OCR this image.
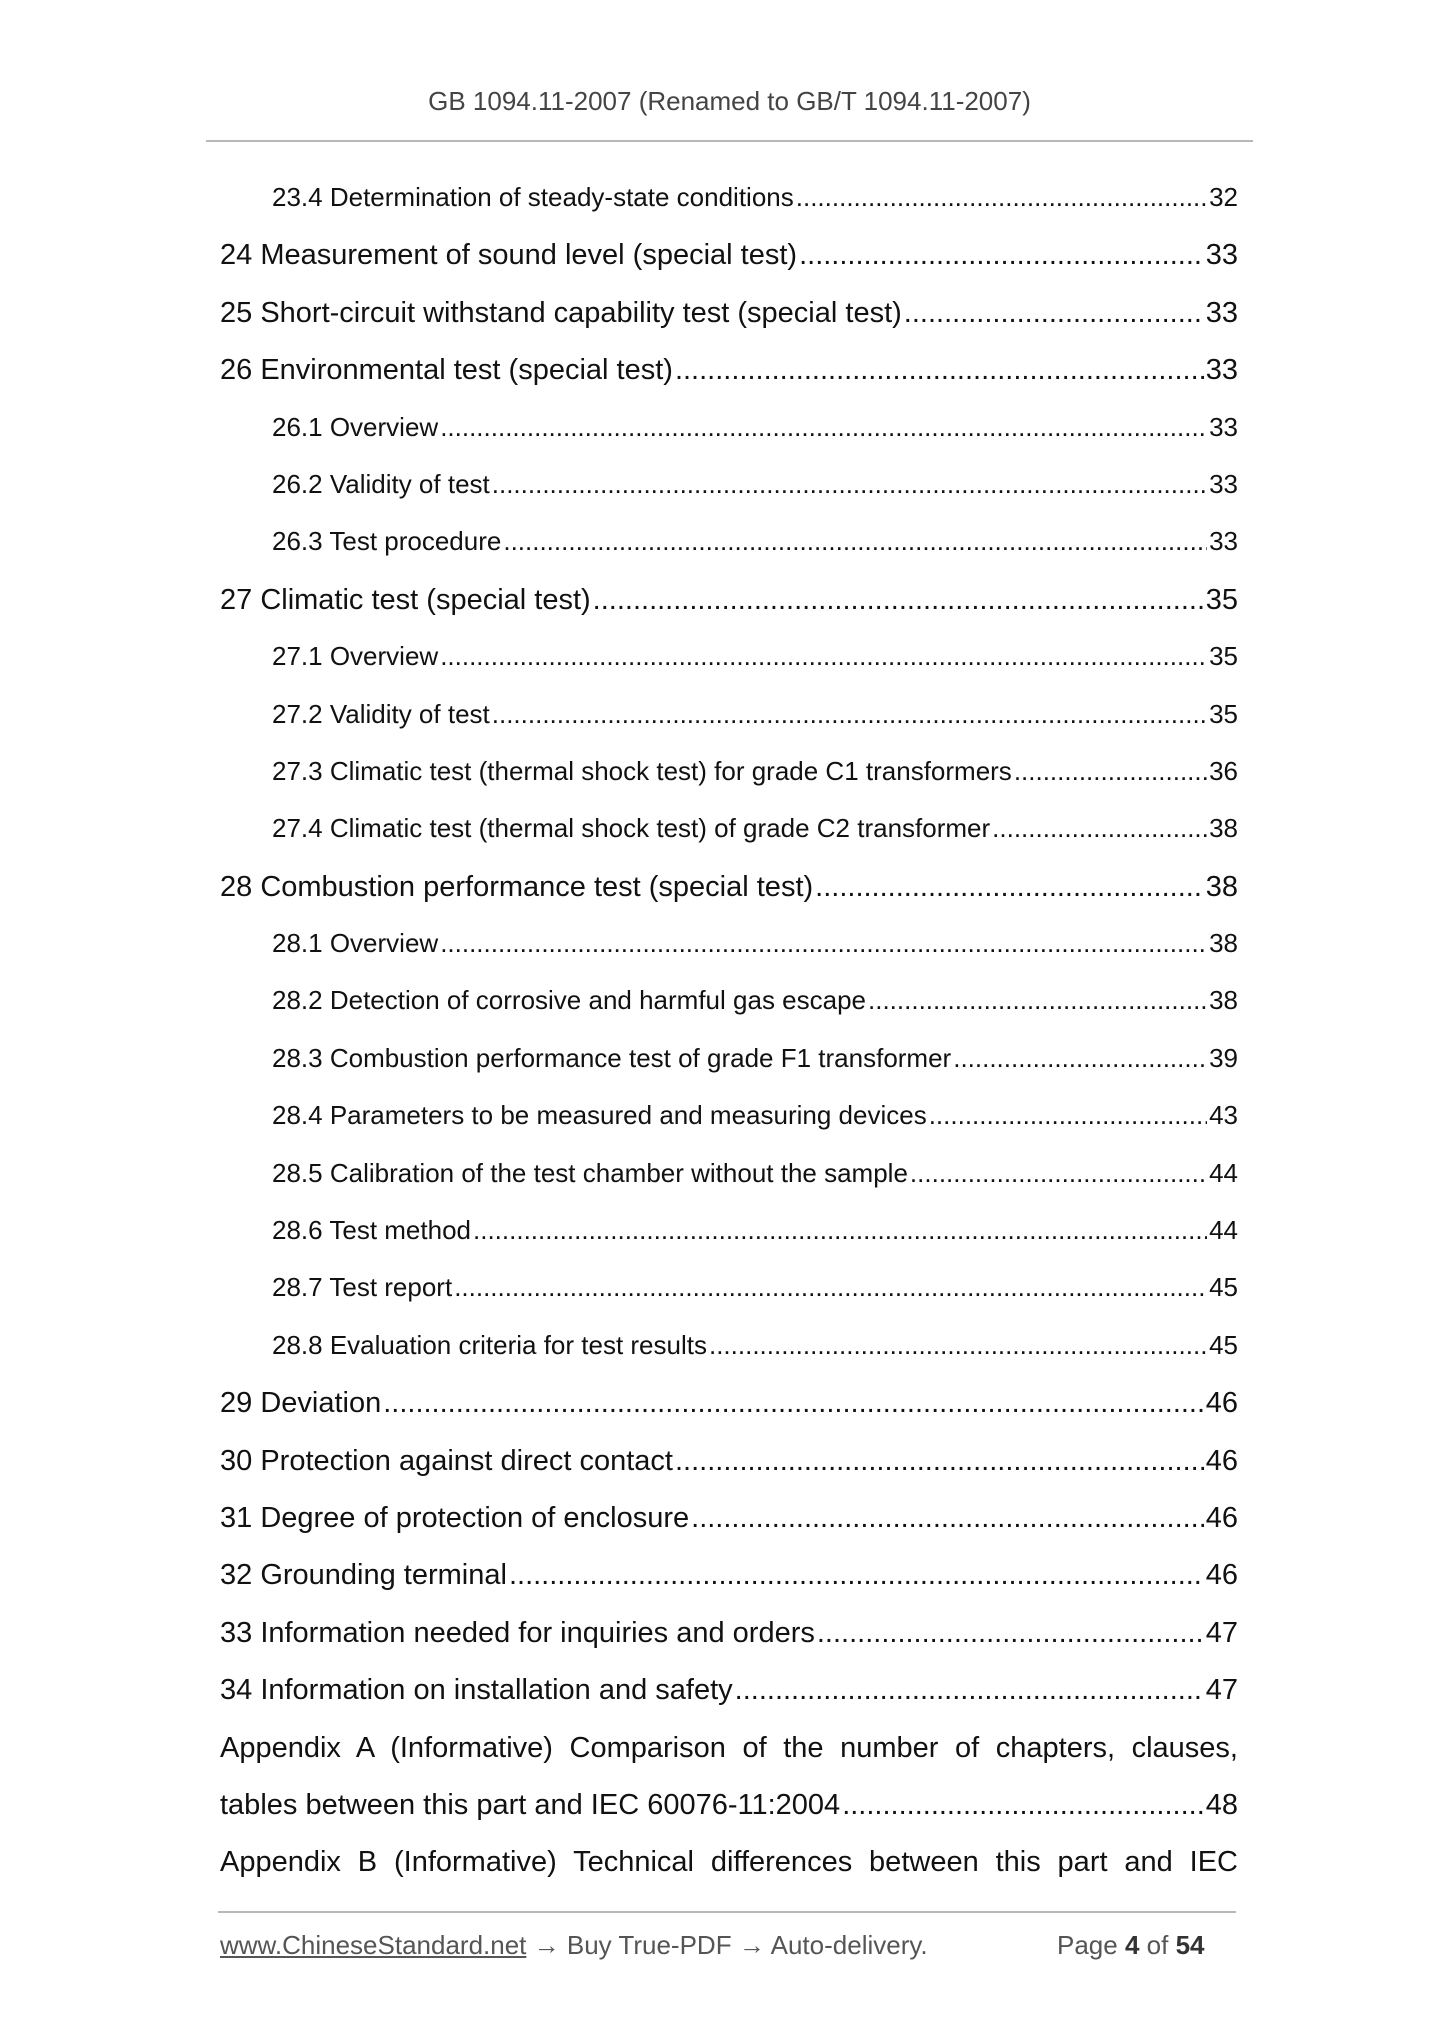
GB 1094.11-2007 (Renamed to GB/T 1094.11-2007)
23.4 Determination of steady-state conditions .....	32
24 Measurement of sound level (special test) .....	33
25 Short-circuit withstand capability test (special test) .....	33
26 Environmental test (special test) .....	33
26.1 Overview .....	33
26.2 Validity of test .....	33
26.3 Test procedure .....	33
27 Climatic test (special test) .....	35
27.1 Overview .....	35
27.2 Validity of test .....	35
27.3 Climatic test (thermal shock test) for grade C1 transformers .....	36
27.4 Climatic test (thermal shock test) of grade C2 transformer .....	38
28 Combustion performance test (special test) .....	38
28.1 Overview .....	38
28.2 Detection of corrosive and harmful gas escape .....	38
28.3 Combustion performance test of grade F1 transformer .....	39
28.4 Parameters to be measured and measuring devices .....	43
28.5 Calibration of the test chamber without the sample .....	44
28.6 Test method .....	44
28.7 Test report .....	45
28.8 Evaluation criteria for test results .....	45
29 Deviation .....	46
30 Protection against direct contact .....	46
31 Degree of protection of enclosure .....	46
32 Grounding terminal .....	46
33 Information needed for inquiries and orders .....	47
34 Information on installation and safety .....	47
Appendix A (Informative) Comparison of the number of chapters, clauses,
tables between this part and IEC 60076-11:2004 .....	48
Appendix B (Informative) Technical differences between this part and IEC
www.ChineseStandard.net → Buy True-PDF → Auto-delivery.	Page 4 of 54
